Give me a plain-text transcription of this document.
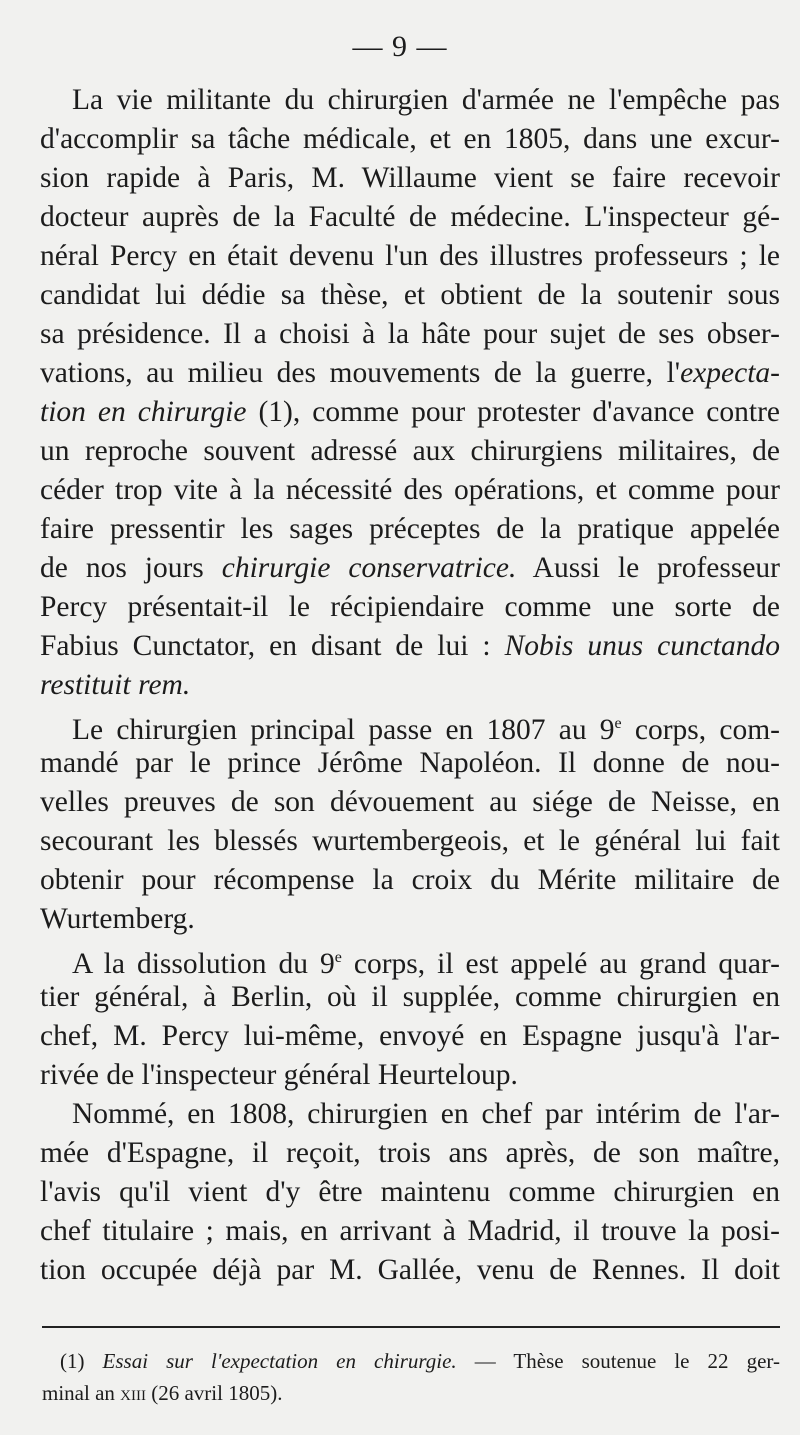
— 9 —
La vie militante du chirurgien d'armée ne l'empêche pas
d'accomplir sa tâche médicale, et en 1805, dans une excur-
sion rapide à Paris, M. Willaume vient se faire recevoir
docteur auprès de la Faculté de médecine. L'inspecteur gé-
néral Percy en était devenu l'un des illustres professeurs ; le
candidat lui dédie sa thèse, et obtient de la soutenir sous
sa présidence. Il a choisi à la hâte pour sujet de ses obser-
vations, au milieu des mouvements de la guerre, l'expecta-
tion en chirurgie (1), comme pour protester d'avance contre
un reproche souvent adressé aux chirurgiens militaires, de
céder trop vite à la nécessité des opérations, et comme pour
faire pressentir les sages préceptes de la pratique appelée
de nos jours chirurgie conservatrice. Aussi le professeur
Percy présentait-il le récipiendaire comme une sorte de
Fabius Cunctator, en disant de lui : Nobis unus cunctando
restituit rem.
Le chirurgien principal passe en 1807 au 9e corps, com-
mandé par le prince Jérôme Napoléon. Il donne de nou-
velles preuves de son dévouement au siége de Neisse, en
secourant les blessés wurtembergeois, et le général lui fait
obtenir pour récompense la croix du Mérite militaire de
Wurtemberg.
A la dissolution du 9e corps, il est appelé au grand quar-
tier général, à Berlin, où il supplée, comme chirurgien en
chef, M. Percy lui-même, envoyé en Espagne jusqu'à l'ar-
rivée de l'inspecteur général Heurteloup.
Nommé, en 1808, chirurgien en chef par intérim de l'ar-
mée d'Espagne, il reçoit, trois ans après, de son maître,
l'avis qu'il vient d'y être maintenu comme chirurgien en
chef titulaire ; mais, en arrivant à Madrid, il trouve la posi-
tion occupée déjà par M. Gallée, venu de Rennes. Il doit
(1) Essai sur l'expectation en chirurgie. — Thèse soutenue le 22 ger-
minal an xiii (26 avril 1805).
